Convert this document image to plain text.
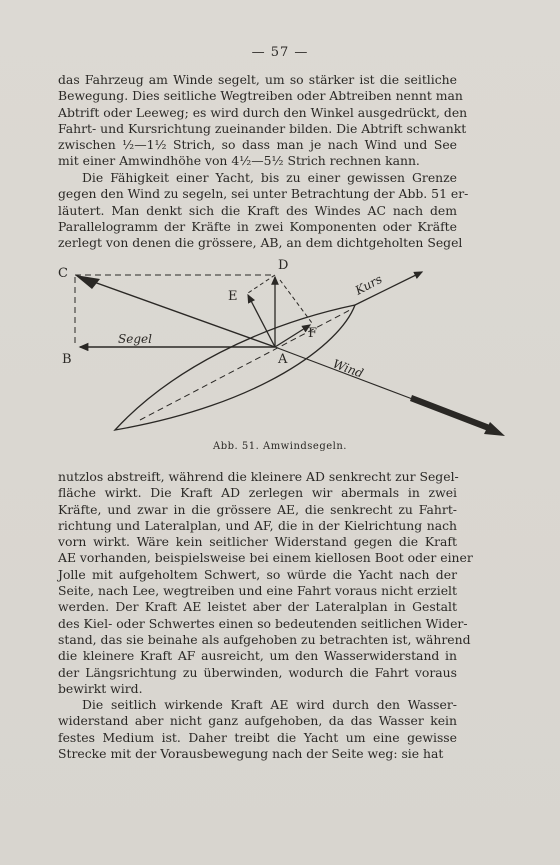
— 57 —
das Fahrzeug am Winde segelt, um so stärker ist die seitliche
Bewegung. Dies seitliche Wegtreiben oder Abtreiben nennt man
Abtrift oder Leeweg; es wird durch den Winkel ausgedrückt, den
Fahrt- und Kursrichtung zueinander bilden. Die Abtrift schwankt
zwischen ½—1½ Strich, so dass man je nach Wind und See
mit einer Amwindhöhe von 4½—5½ Strich rechnen kann.
Die Fähigkeit einer Yacht, bis zu einer gewissen Grenze
gegen den Wind zu segeln, sei unter Betrachtung der Abb. 51 er-
läutert. Man denkt sich die Kraft des Windes AC nach dem
Parallelogramm der Kräfte in zwei Komponenten oder Kräfte
zerlegt von denen die grössere, AB, an dem dichtgeholten Segel
C
B
D
E
F
A
Segel
Kurs
Wind
Abb. 51. Amwindsegeln.
nutzlos abstreift, während die kleinere AD senkrecht zur Segel-
fläche wirkt. Die Kraft AD zerlegen wir abermals in zwei
Kräfte, und zwar in die grössere AE, die senkrecht zu Fahrt-
richtung und Lateralplan, und AF, die in der Kielrichtung nach
vorn wirkt. Wäre kein seitlicher Widerstand gegen die Kraft
AE vorhanden, beispielsweise bei einem kiellosen Boot oder einer
Jolle mit aufgeholtem Schwert, so würde die Yacht nach der
Seite, nach Lee, wegtreiben und eine Fahrt voraus nicht erzielt
werden. Der Kraft AE leistet aber der Lateralplan in Gestalt
des Kiel- oder Schwertes einen so bedeutenden seitlichen Wider-
stand, das sie beinahe als aufgehoben zu betrachten ist, während
die kleinere Kraft AF ausreicht, um den Wasserwiderstand in
der Längsrichtung zu überwinden, wodurch die Fahrt voraus
bewirkt wird.
Die seitlich wirkende Kraft AE wird durch den Wasser-
widerstand aber nicht ganz aufgehoben, da das Wasser kein
festes Medium ist. Daher treibt die Yacht um eine gewisse
Strecke mit der Vorausbewegung nach der Seite weg: sie hat
